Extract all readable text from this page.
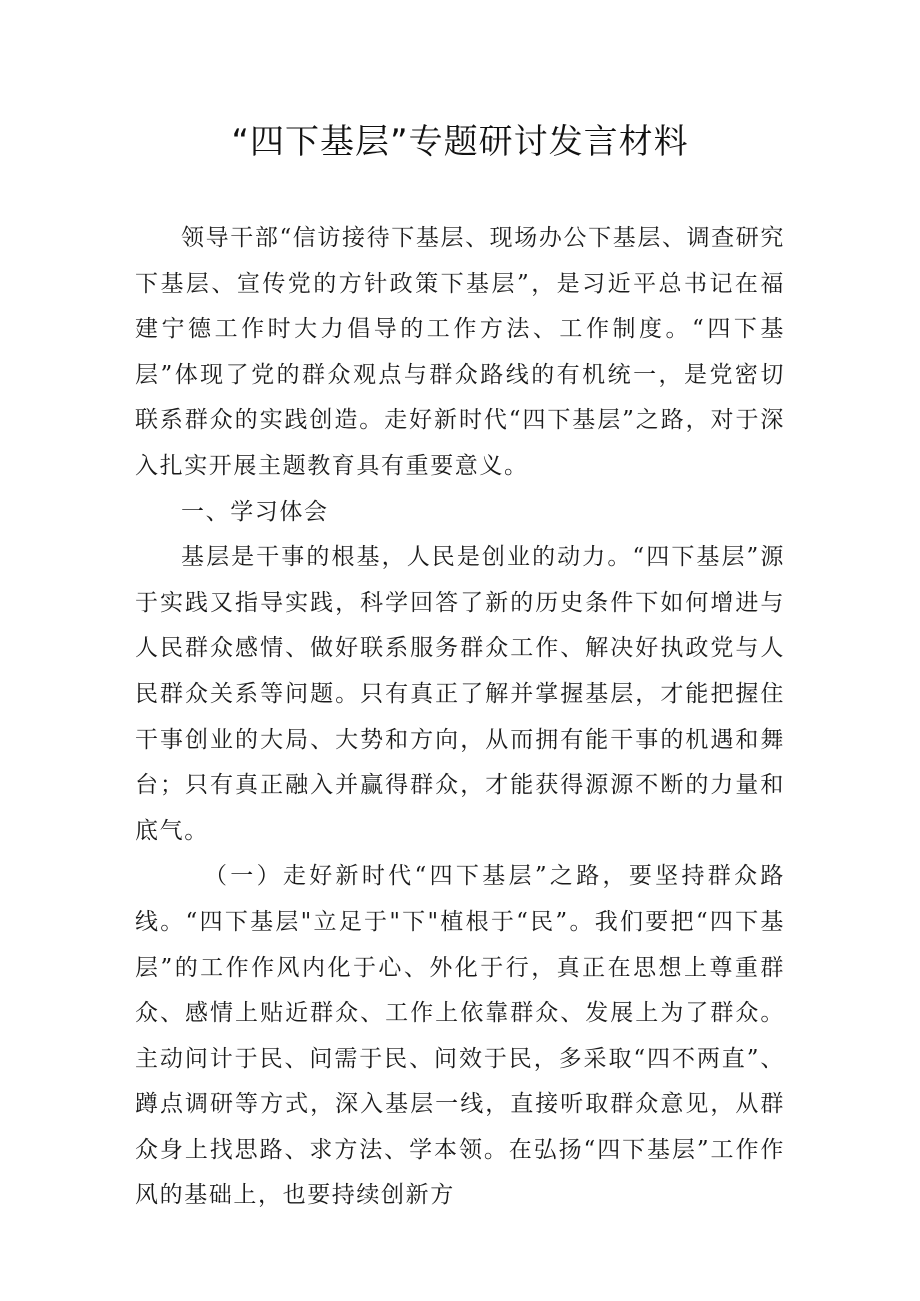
“四下基层”专题研讨发言材料

领导干部“信访接待下基层、现场办公下基层、调查研究下基层、宣传党的方针政策下基层”，是习近平总书记在福建宁德工作时大力倡导的工作方法、工作制度。“四下基层”体现了党的群众观点与群众路线的有机统一，是党密切联系群众的实践创造。走好新时代“四下基层”之路，对于深入扎实开展主题教育具有重要意义。

一、学习体会

基层是干事的根基，人民是创业的动力。“四下基层”源于实践又指导实践，科学回答了新的历史条件下如何增进与人民群众感情、做好联系服务群众工作、解决好执政党与人民群众关系等问题。只有真正了解并掌握基层，才能把握住干事创业的大局、大势和方向，从而拥有能干事的机遇和舞台；只有真正融入并赢得群众，才能获得源源不断的力量和底气。

（一）走好新时代“四下基层”之路，要坚持群众路线。“四下基层"立足于"下"植根于“民”。我们要把“四下基层”的工作作风内化于心、外化于行，真正在思想上尊重群众、感情上贴近群众、工作上依靠群众、发展上为了群众。主动问计于民、问需于民、问效于民，多采取“四不两直”、蹲点调研等方式，深入基层一线，直接听取群众意见，从群众身上找思路、求方法、学本领。在弘扬“四下基层”工作作风的基础上，也要持续创新方
